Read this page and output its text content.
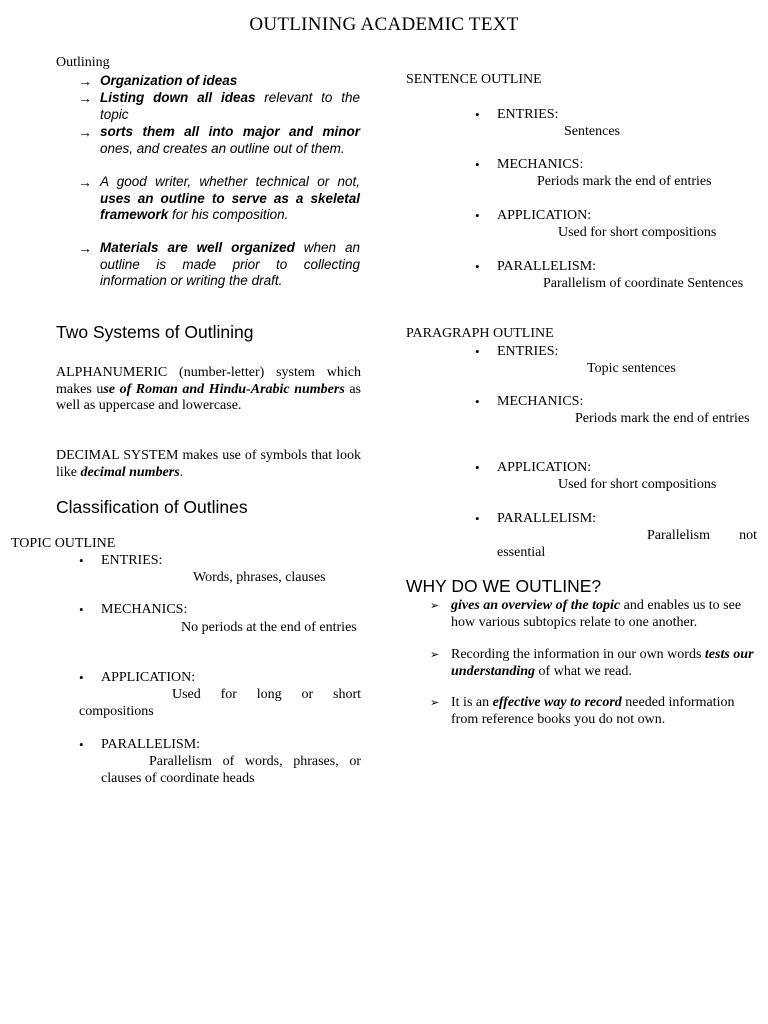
OUTLINING ACADEMIC TEXT
Outlining
→ Organization of ideas
→ Listing down all ideas relevant to the topic
→ sorts them all into major and minor ones, and creates an outline out of them.
→ A good writer, whether technical or not, uses an outline to serve as a skeletal framework for his composition.
→ Materials are well organized when an outline is made prior to collecting information or writing the draft.
Two Systems of Outlining
ALPHANUMERIC (number-letter) system which makes use of Roman and Hindu-Arabic numbers as well as uppercase and lowercase.
DECIMAL SYSTEM makes use of symbols that look like decimal numbers.
Classification of Outlines
TOPIC OUTLINE
• ENTRIES:
Words, phrases, clauses
• MECHANICS:
No periods at the end of entries
• APPLICATION:
Used for long or short compositions
• PARALLELISM:
Parallelism of words, phrases, or clauses of coordinate heads
SENTENCE OUTLINE
• ENTRIES:
Sentences
• MECHANICS:
Periods mark the end of entries
• APPLICATION:
Used for short compositions
• PARALLELISM:
Parallelism of coordinate Sentences
PARAGRAPH OUTLINE
• ENTRIES:
Topic sentences
• MECHANICS:
Periods mark the end of entries
• APPLICATION:
Used for short compositions
• PARALLELISM:
Parallelism not essential
WHY DO WE OUTLINE?
➢ gives an overview of the topic and enables us to see how various subtopics relate to one another.
➢ Recording the information in our own words tests our understanding of what we read.
➢ It is an effective way to record needed information from reference books you do not own.
